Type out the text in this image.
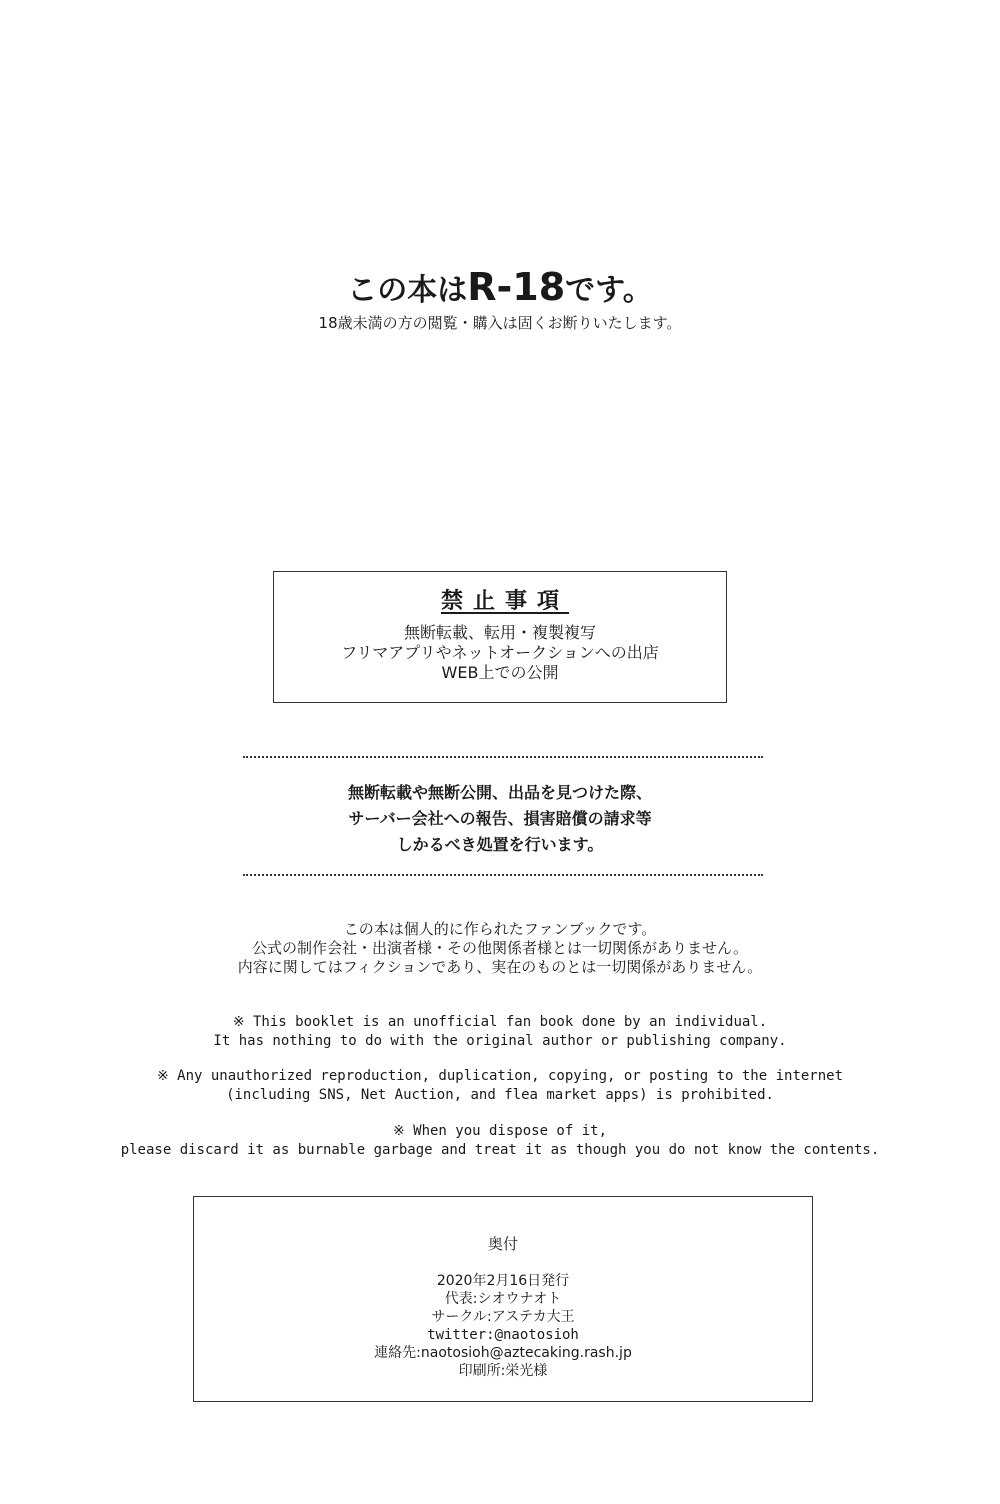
この本はR-18です。
18歳未満の方の閲覧・購入は固くお断りいたします。
禁止事項
無断転載、転用・複製複写
フリマアプリやネットオークションへの出店
WEB上での公開
無断転載や無断公開、出品を見つけた際、
サーバー会社への報告、損害賠償の請求等
しかるべき処置を行います。
この本は個人的に作られたファンブックです。
公式の制作会社・出演者様・その他関係者様とは一切関係がありません。
内容に関してはフィクションであり、実在のものとは一切関係がありません。
※ This booklet is an unofficial fan book done by an individual.
It has nothing to do with the original author or publishing company.
※ Any unauthorized reproduction, duplication, copying, or posting to the internet
(including SNS, Net Auction, and flea market apps) is prohibited.
※ When you dispose of it,
please discard it as burnable garbage and treat it as though you do not know the contents.
奥付
2020年2月16日発行
代表:シオウナオト
サークル:アステカ大王
twitter:@naotosioh
連絡先:naotosioh@aztecaking.rash.jp
印刷所:栄光様
